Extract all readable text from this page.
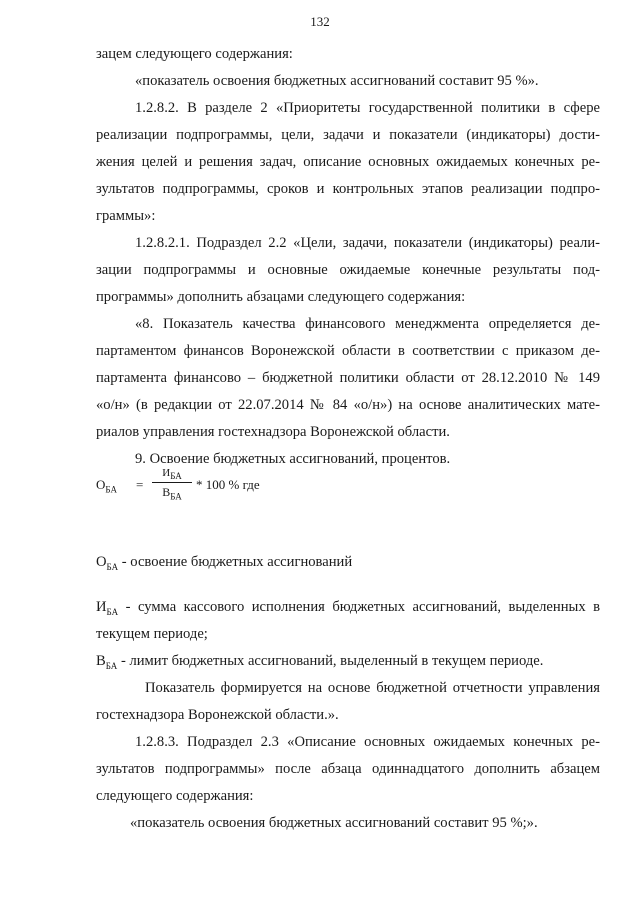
132
зацем следующего содержания:
«показатель освоения бюджетных ассигнований составит 95 %».
1.2.8.2. В разделе 2 «Приоритеты государственной политики в сфере
реализации подпрограммы, цели, задачи и показатели (индикаторы) дости-
жения целей и решения задач, описание основных ожидаемых конечных ре-
зультатов подпрограммы, сроков и контрольных этапов реализации подпро-
граммы»:
1.2.8.2.1. Подраздел 2.2 «Цели, задачи, показатели (индикаторы) реали-
зации подпрограммы и основные ожидаемые конечные результаты под-
программы» дополнить абзацами следующего содержания:
«8. Показатель качества финансового менеджмента определяется де-
партаментом финансов Воронежской области в соответствии с приказом де-
партамента финансово – бюджетной политики области от 28.12.2010 № 149
«о/н» (в редакции от 22.07.2014 № 84 «о/н») на основе аналитических мате-
риалов управления гостехнадзора Воронежской области.
9. Освоение бюджетных ассигнований, процентов.
$О_{БА}$ =
$И_{БА}$
$В_{БА}$
* 100 % где
$О_{БА}$ - освоение бюджетных ассигнований
$И_{БА}$ - сумма кассового исполнения бюджетных ассигнований, выделенных в
текущем периоде;
$В_{БА}$ - лимит бюджетных ассигнований, выделенный в текущем периоде.
Показатель формируется на основе бюджетной отчетности управления
гостехнадзора Воронежской области.».
1.2.8.3. Подраздел 2.3 «Описание основных ожидаемых конечных ре-
зультатов подпрограммы» после абзаца одиннадцатого дополнить абзацем
следующего содержания:
«показатель освоения бюджетных ассигнований составит 95 %;».
